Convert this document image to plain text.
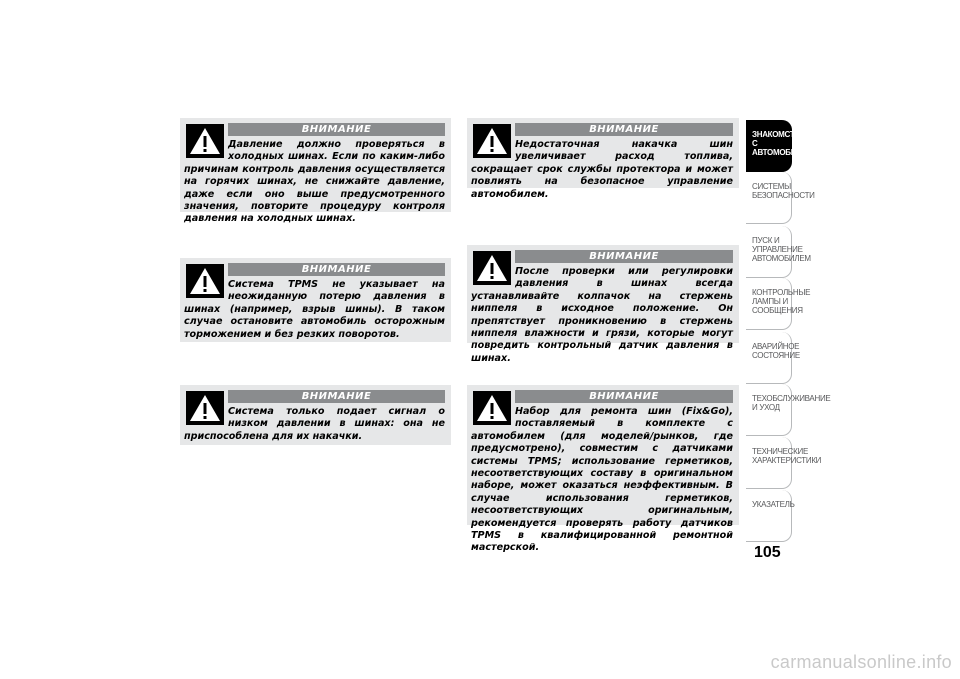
ВНИМАНИЕ
Давление должно проверяться в холодных шинах. Если по каким-либо причинам контроль давления осуществляется на горячих шинах, не снижайте давление, даже если оно выше предусмотренного значения, повторите процедуру контроля давления на холодных шинах.
ВНИМАНИЕ
Система TPMS не указывает на неожиданную потерю давления в шинах (например, взрыв шины). В таком случае остановите автомобиль осторожным торможением и без резких поворотов.
ВНИМАНИЕ
Система только подает сигнал о низком давлении в шинах: она не приспособлена для их накачки.
ВНИМАНИЕ
Недостаточная накачка шин увеличивает расход топлива, сокращает срок службы протектора и может повлиять на безопасное управление автомобилем.
ВНИМАНИЕ
После проверки или регулировки давления в шинах всегда устанавливайте колпачок на стержень ниппеля в исходное положение. Он препятствует проникновению в стержень ниппеля влажности и грязи, которые могут повредить контрольный датчик давления в шинах.
ВНИМАНИЕ
Набор для ремонта шин (Fix&Go), поставляемый в комплекте с автомобилем (для моделей/рынков, где предусмотрено), совместим с датчиками системы TPMS; использование герметиков, несоответствующих составу в оригинальном наборе, может оказаться неэффективным. В случае использования герметиков, несоответствующих оригинальным, рекомендуется проверять работу датчиков TPMS в квалифицированной ремонтной мастерской.
ЗНАКОМСТВО С АВТОМОБИЛЕМ
СИСТЕМЫ БЕЗОПАСНОСТИ
ПУСК И УПРАВЛЕНИЕ АВТОМОБИЛЕМ
КОНТРОЛЬНЫЕ ЛАМПЫ И СООБЩЕНИЯ
АВАРИЙНОЕ СОСТОЯНИЕ
ТЕХОБСЛУЖИВАНИЕ И УХОД
ТЕХНИЧЕСКИЕ ХАРАКТЕРИСТИКИ
УКАЗАТЕЛЬ
105
carmanualsonline.info
